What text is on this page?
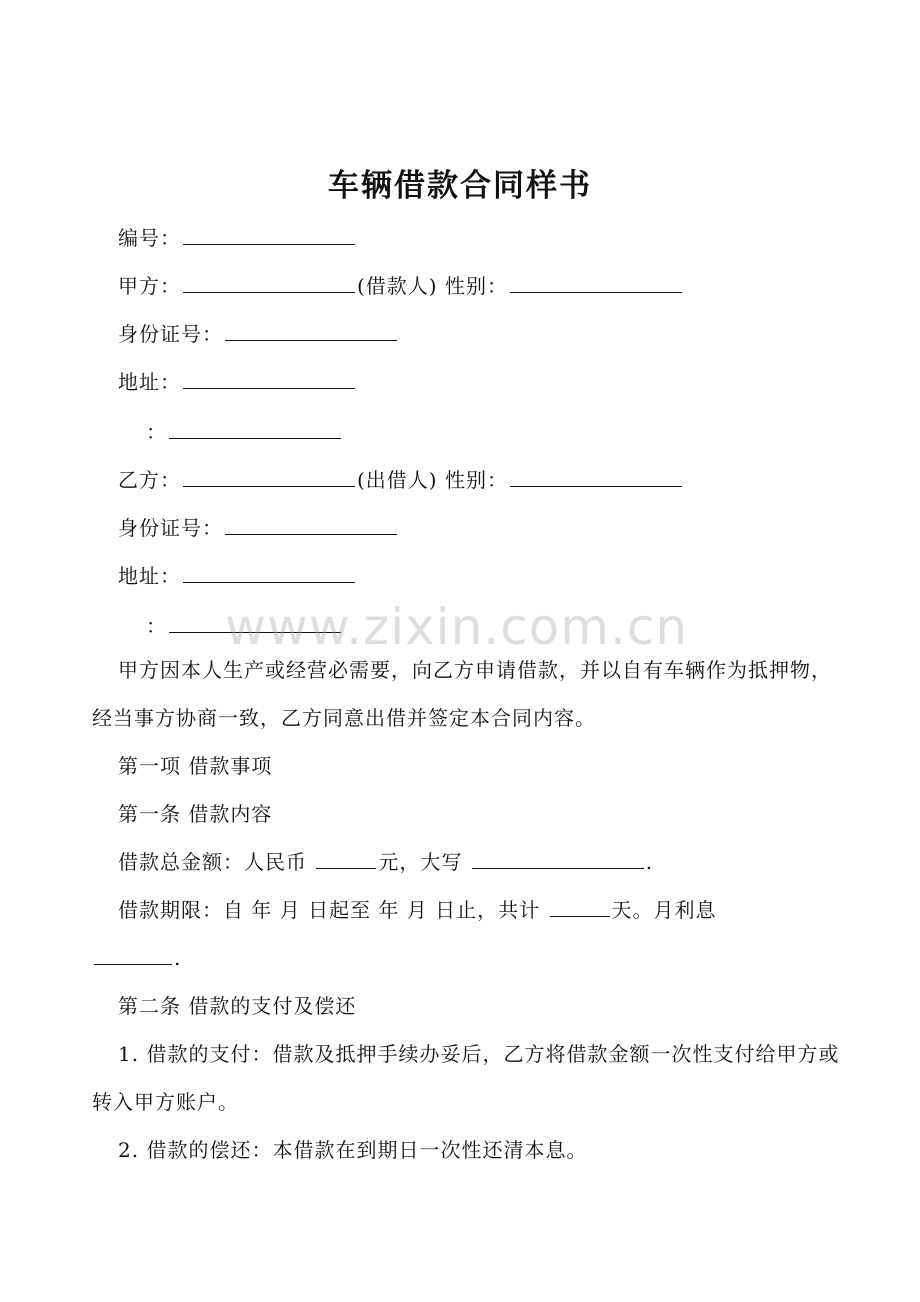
车辆借款合同样书
编号：
甲方：	(借款人) 性别：
身份证号：
地址：
：
乙方：	(出借人) 性别：
身份证号：
地址：
：	www.zixin.com.cn
甲方因本人生产或经营必需要，向乙方申请借款，并以自有车辆作为抵押物，经当事方协商一致，乙方同意出借并签定本合同内容。
第一项 借款事项
第一条 借款内容
借款总金额：人民币	元，大写	.
借款期限：自 年 月 日起至 年 月 日止，共计	天。月利息
.
第二条 借款的支付及偿还
1. 借款的支付：借款及抵押手续办妥后，乙方将借款金额一次性支付给甲方或转入甲方账户。
2. 借款的偿还：本借款在到期日一次性还清本息。
